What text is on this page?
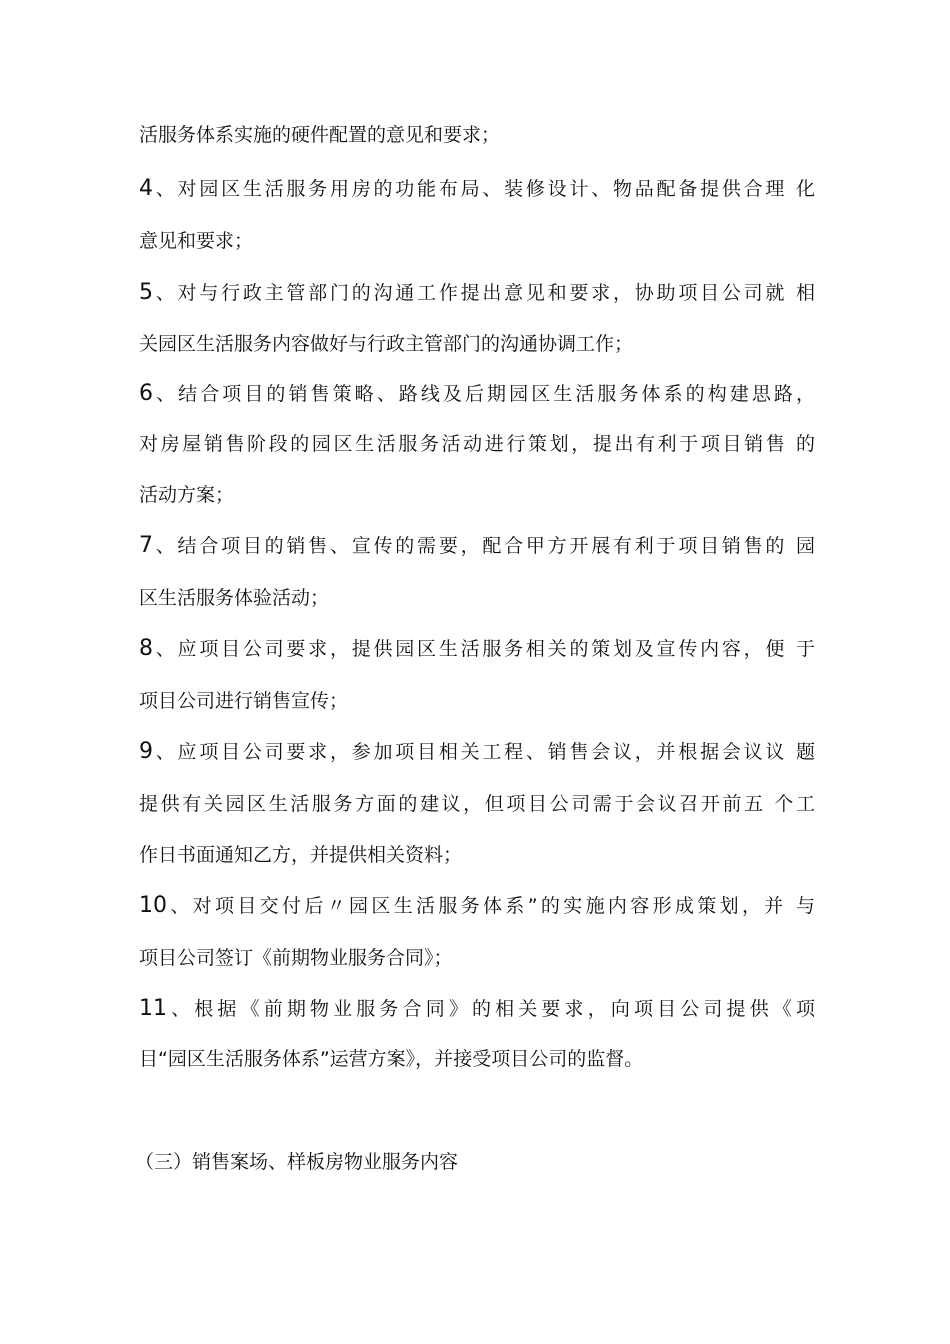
活服务体系实施的硬件配置的意见和要求；
4、对园区生活服务用房的功能布局、装修设计、物品配备提供合理 化
意见和要求；
5、对与行政主管部门的沟通工作提出意见和要求，协助项目公司就 相
关园区生活服务内容做好与行政主管部门的沟通协调工作；
6、结合项目的销售策略、路线及后期园区生活服务体系的构建思路，
对房屋销售阶段的园区生活服务活动进行策划，提出有利于项目销售 的
活动方案；
7、结合项目的销售、宣传的需要，配合甲方开展有利于项目销售的 园
区生活服务体验活动；
8、应项目公司要求，提供园区生活服务相关的策划及宣传内容，便 于
项目公司进行销售宣传；
9、应项目公司要求，参加项目相关工程、销售会议，并根据会议议 题
提供有关园区生活服务方面的建议，但项目公司需于会议召开前五 个工
作日书面通知乙方，并提供相关资料；
10、对项目交付后〃园区生活服务体系”的实施内容形成策划，并 与
项目公司签订《前期物业服务合同》；
11、根据《前期物业服务合同》的相关要求，向项目公司提供《项
目“园区生活服务体系”运营方案》，并接受项目公司的监督。
（三）销售案场、样板房物业服务内容
